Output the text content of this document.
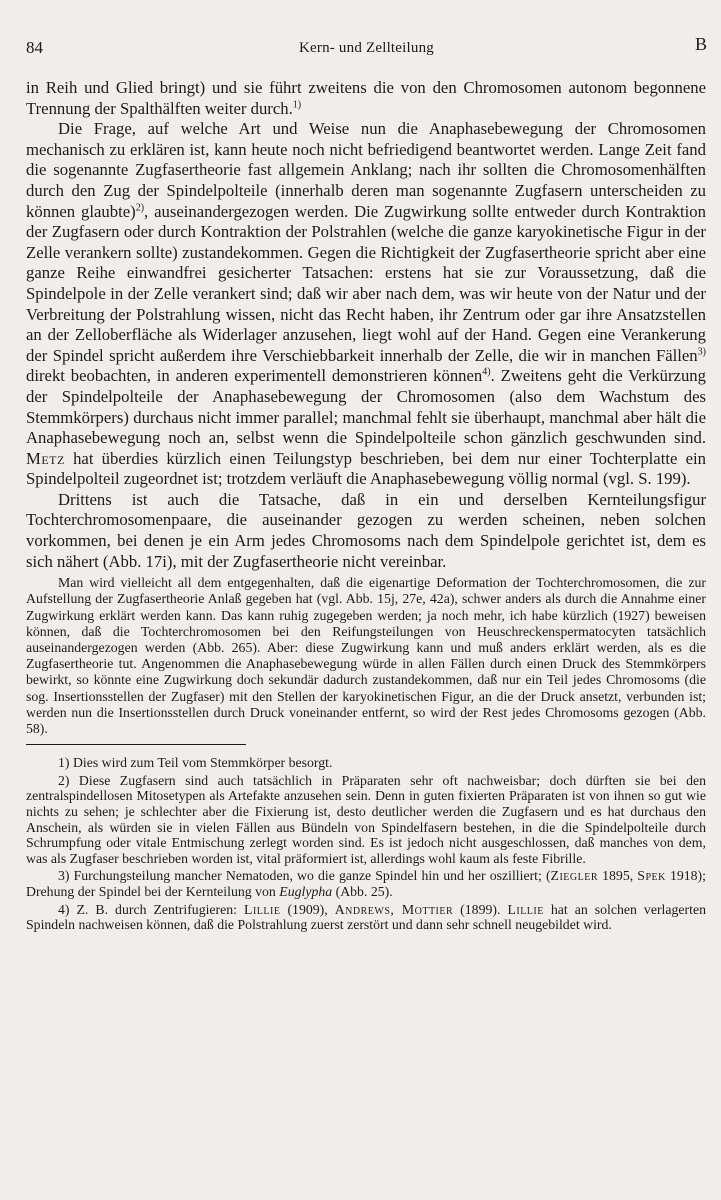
84	Kern- und Zellteilung	B

in Reih und Glied bringt) und sie führt zweitens die von den Chromosomen autonom begonnene Trennung der Spalthälften weiter durch.$^{1)}$

Die Frage, auf welche Art und Weise nun die Anaphasebewegung der Chromosomen mechanisch zu erklären ist, kann heute noch nicht befriedigend beantwortet werden. Lange Zeit fand die sogenannte Zugfasertheorie fast allgemein Anklang; nach ihr sollten die Chromosomenhälften durch den Zug der Spindelpolteile (innerhalb deren man sogenannte Zugfasern unterscheiden zu können glaubte)$^{2)}$, auseinandergezogen werden. Die Zugwirkung sollte entweder durch Kontraktion der Zugfasern oder durch Kontraktion der Polstrahlen (welche die ganze karyokinetische Figur in der Zelle verankern sollte) zustandekommen. Gegen die Richtigkeit der Zugfasertheorie spricht aber eine ganze Reihe einwandfrei gesicherter Tatsachen: erstens hat sie zur Voraussetzung, daß die Spindelpole in der Zelle verankert sind; daß wir aber nach dem, was wir heute von der Natur und der Verbreitung der Polstrahlung wissen, nicht das Recht haben, ihr Zentrum oder gar ihre Ansatzstellen an der Zelloberfläche als Widerlager anzusehen, liegt wohl auf der Hand. Gegen eine Verankerung der Spindel spricht außerdem ihre Verschiebbarkeit innerhalb der Zelle, die wir in manchen Fällen$^{3)}$ direkt beobachten, in anderen experimentell demonstrieren können$^{4)}$. Zweitens geht die Verkürzung der Spindelpolteile der Anaphasebewegung der Chromosomen (also dem Wachstum des Stemmkörpers) durchaus nicht immer parallel; manchmal fehlt sie überhaupt, manchmal aber hält die Anaphasebewegung noch an, selbst wenn die Spindelpolteile schon gänzlich geschwunden sind. Metz hat überdies kürzlich einen Teilungstyp beschrieben, bei dem nur einer Tochterplatte ein Spindelpolteil zugeordnet ist; trotzdem verläuft die Anaphasebewegung völlig normal (vgl. S. 199).

Drittens ist auch die Tatsache, daß in ein und derselben Kernteilungsfigur Tochterchromosomenpaare, die auseinander gezogen zu werden scheinen, neben solchen vorkommen, bei denen je ein Arm jedes Chromosoms nach dem Spindelpole gerichtet ist, dem es sich nähert (Abb. 17i), mit der Zugfasertheorie nicht vereinbar.

Man wird vielleicht all dem entgegenhalten, daß die eigenartige Deformation der Tochterchromosomen, die zur Aufstellung der Zugfasertheorie Anlaß gegeben hat (vgl. Abb. 15j, 27e, 42a), schwer anders als durch die Annahme einer Zugwirkung erklärt werden kann. Das kann ruhig zugegeben werden; ja noch mehr, ich habe kürzlich (1927) beweisen können, daß die Tochterchromosomen bei den Reifungsteilungen von Heuschreckenspermatocyten tatsächlich auseinandergezogen werden (Abb. 265). Aber: diese Zugwirkung kann und muß anders erklärt werden, als es die Zugfasertheorie tut. Angenommen die Anaphasebewegung würde in allen Fällen durch einen Druck des Stemmkörpers bewirkt, so könnte eine Zugwirkung doch sekundär dadurch zustandekommen, daß nur ein Teil jedes Chromosoms (die sog. Insertionsstellen der Zugfaser) mit den Stellen der karyokinetischen Figur, an die der Druck ansetzt, verbunden ist; werden nun die Insertionsstellen durch Druck voneinander entfernt, so wird der Rest jedes Chromosoms gezogen (Abb. 58).

1) Dies wird zum Teil vom Stemmkörper besorgt.

2) Diese Zugfasern sind auch tatsächlich in Präparaten sehr oft nachweisbar; doch dürften sie bei den zentralspindellosen Mitosetypen als Artefakte anzusehen sein. Denn in guten fixierten Präparaten ist von ihnen so gut wie nichts zu sehen; je schlechter aber die Fixierung ist, desto deutlicher werden die Zugfasern und es hat durchaus den Anschein, als würden sie in vielen Fällen aus Bündeln von Spindelfasern bestehen, in die die Spindelpolteile durch Schrumpfung oder vitale Entmischung zerlegt worden sind. Es ist jedoch nicht ausgeschlossen, daß manches von dem, was als Zugfaser beschrieben worden ist, vital präformiert ist, allerdings wohl kaum als feste Fibrille.

3) Furchungsteilung mancher Nematoden, wo die ganze Spindel hin und her oszilliert; (Ziegler 1895, Spek 1918); Drehung der Spindel bei der Kernteilung von Euglypha (Abb. 25).

4) Z. B. durch Zentrifugieren: Lillie (1909), Andrews, Mottier (1899). Lillie hat an solchen verlagerten Spindeln nachweisen können, daß die Polstrahlung zuerst zerstört und dann sehr schnell neugebildet wird.
